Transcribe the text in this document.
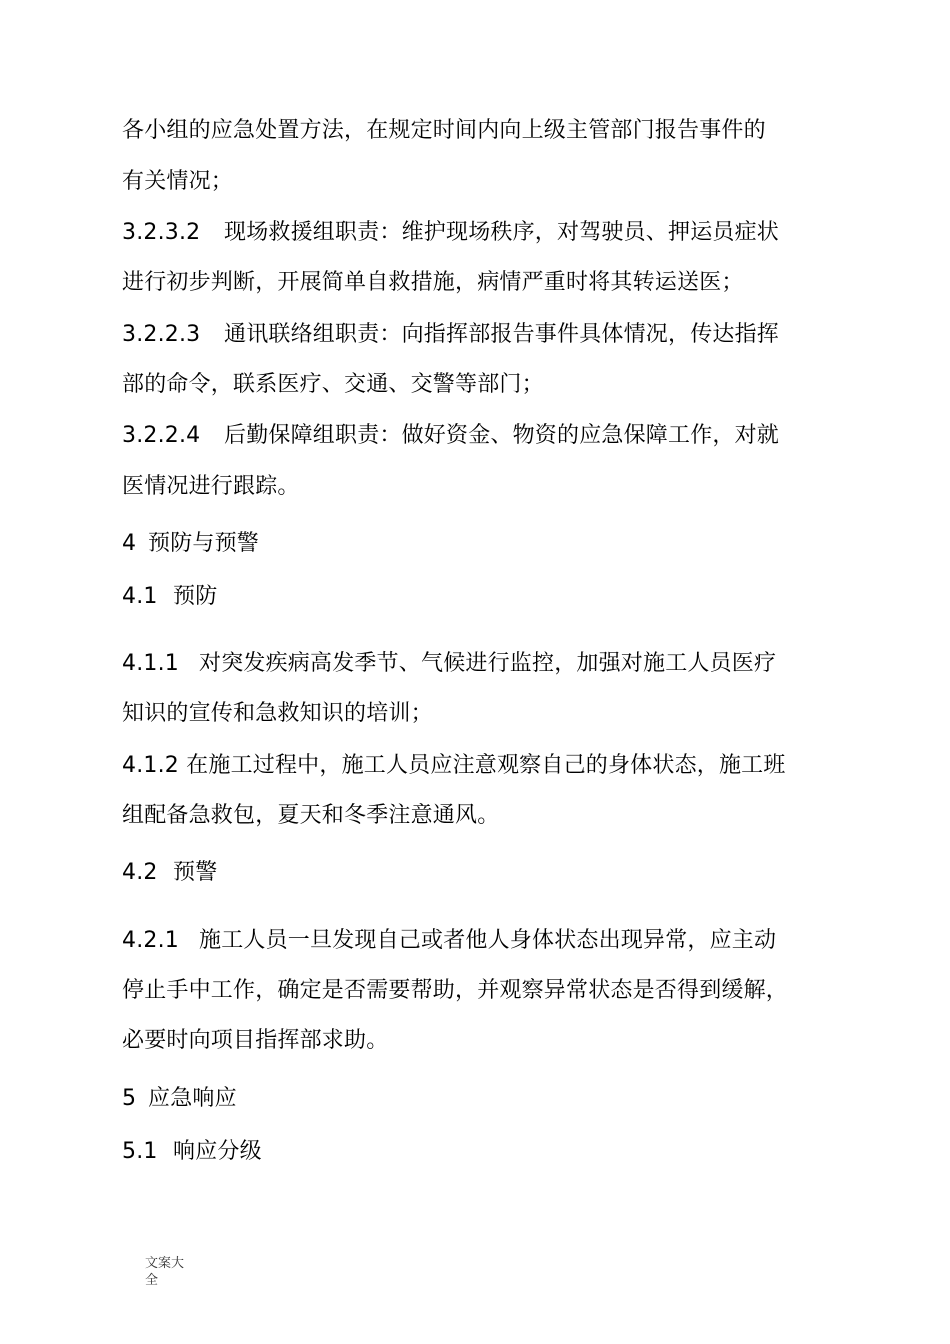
各小组的应急处置方法，在规定时间内向上级主管部门报告事件的
有关情况；
3.2.3.2 现场救援组职责：维护现场秩序，对驾驶员、押运员症状
进行初步判断，开展简单自救措施，病情严重时将其转运送医；
3.2.2.3 通讯联络组职责：向指挥部报告事件具体情况，传达指挥
部的命令，联系医疗、交通、交警等部门；
3.2.2.4 后勤保障组职责：做好资金、物资的应急保障工作，对就
医情况进行跟踪。
4 预防与预警
4.1 预防
4.1.1 对突发疾病高发季节、气候进行监控，加强对施工人员医疗
知识的宣传和急救知识的培训；
4.1.2 在施工过程中，施工人员应注意观察自己的身体状态，施工班
组配备急救包，夏天和冬季注意通风。
4.2 预警
4.2.1 施工人员一旦发现自己或者他人身体状态出现异常，应主动
停止手中工作，确定是否需要帮助，并观察异常状态是否得到缓解，
必要时向项目指挥部求助。
5 应急响应
5.1 响应分级
文案大全
